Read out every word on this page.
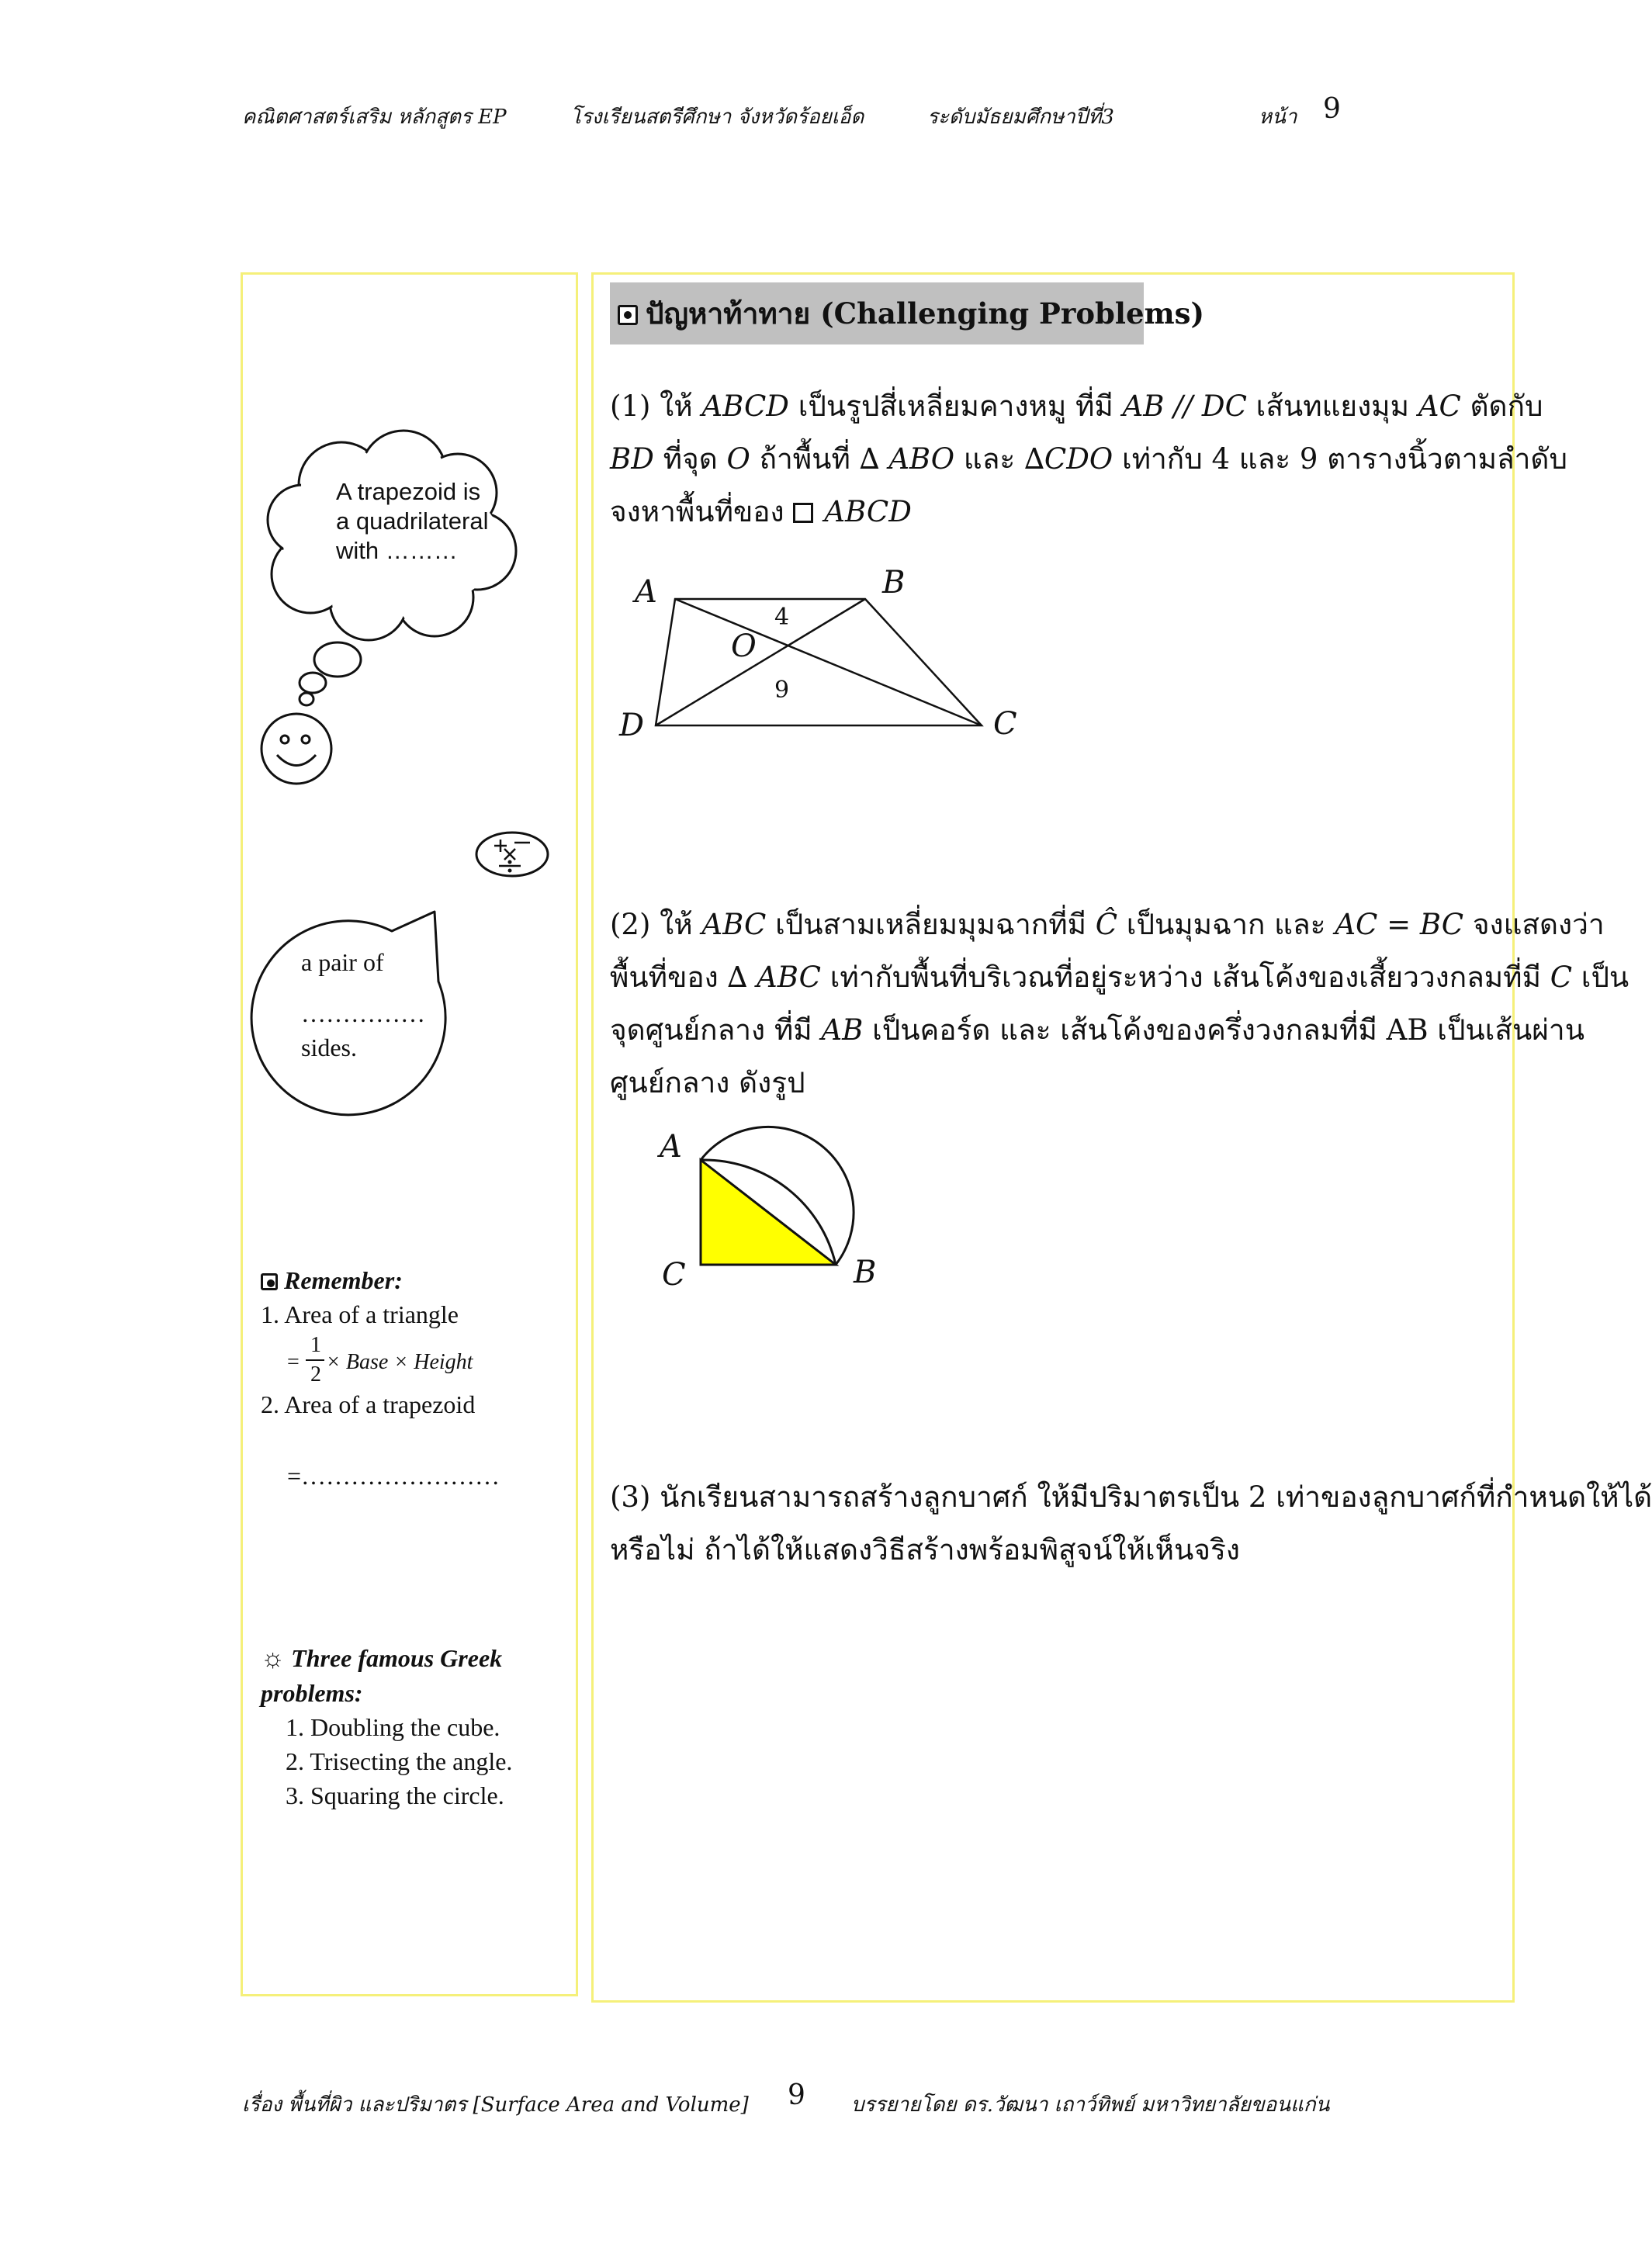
คณิตศาสตร์เสริม หลักสูตร EP	โรงเรียนสตรีศึกษา จังหวัดร้อยเอ็ด	ระดับมัธยมศึกษาปีที่3	หน้า 9
A trapezoid is
a quadrilateral
with ………
a pair of
……………
sides.
Remember:
1. Area of a triangle
=
1
2
× Base × Height
2. Area of a trapezoid
=……………………
☼ Three famous Greek
problems:
1. Doubling the cube.
2. Trisecting the angle.
3. Squaring the circle.
ปัญหาท้าทาย (Challenging Problems)

(1) ให้ ABCD เป็นรูปสี่เหลี่ยมคางหมู ที่มี AB // DC เส้นทแยงมุม AC ตัดกับ

BD ที่จุด O ถ้าพื้นที่ ∆ ABO และ ∆CDO เท่ากับ 4 และ 9 ตารางนิ้วตามลำดับ

จงหาพื้นที่ของ ABCD

A	B
C
D
O
4
9

(2) ให้ ABC เป็นสามเหลี่ยมมุมฉากที่มี Ĉ เป็นมุมฉาก และ AC = BC จงแสดงว่า

พื้นที่ของ ∆ ABC เท่ากับพื้นที่บริเวณที่อยู่ระหว่าง เส้นโค้งของเสี้ยววงกลมที่มี C เป็น

จุดศูนย์กลาง ที่มี AB เป็นคอร์ด และ เส้นโค้งของครึ่งวงกลมที่มี AB เป็นเส้นผ่าน

ศูนย์กลาง ดังรูป

A
B
C

(3) นักเรียนสามารถสร้างลูกบาศก์ ให้มีปริมาตรเป็น 2 เท่าของลูกบาศก์ที่กำหนดให้ได้

หรือไม่ ถ้าได้ให้แสดงวิธีสร้างพร้อมพิสูจน์ให้เห็นจริง

เรื่อง พื้นที่ผิว และปริมาตร [Surface Area and Volume] 9 บรรยายโดย ดร.วัฒนา เถาว์ทิพย์ มหาวิทยาลัยขอนแก่น
